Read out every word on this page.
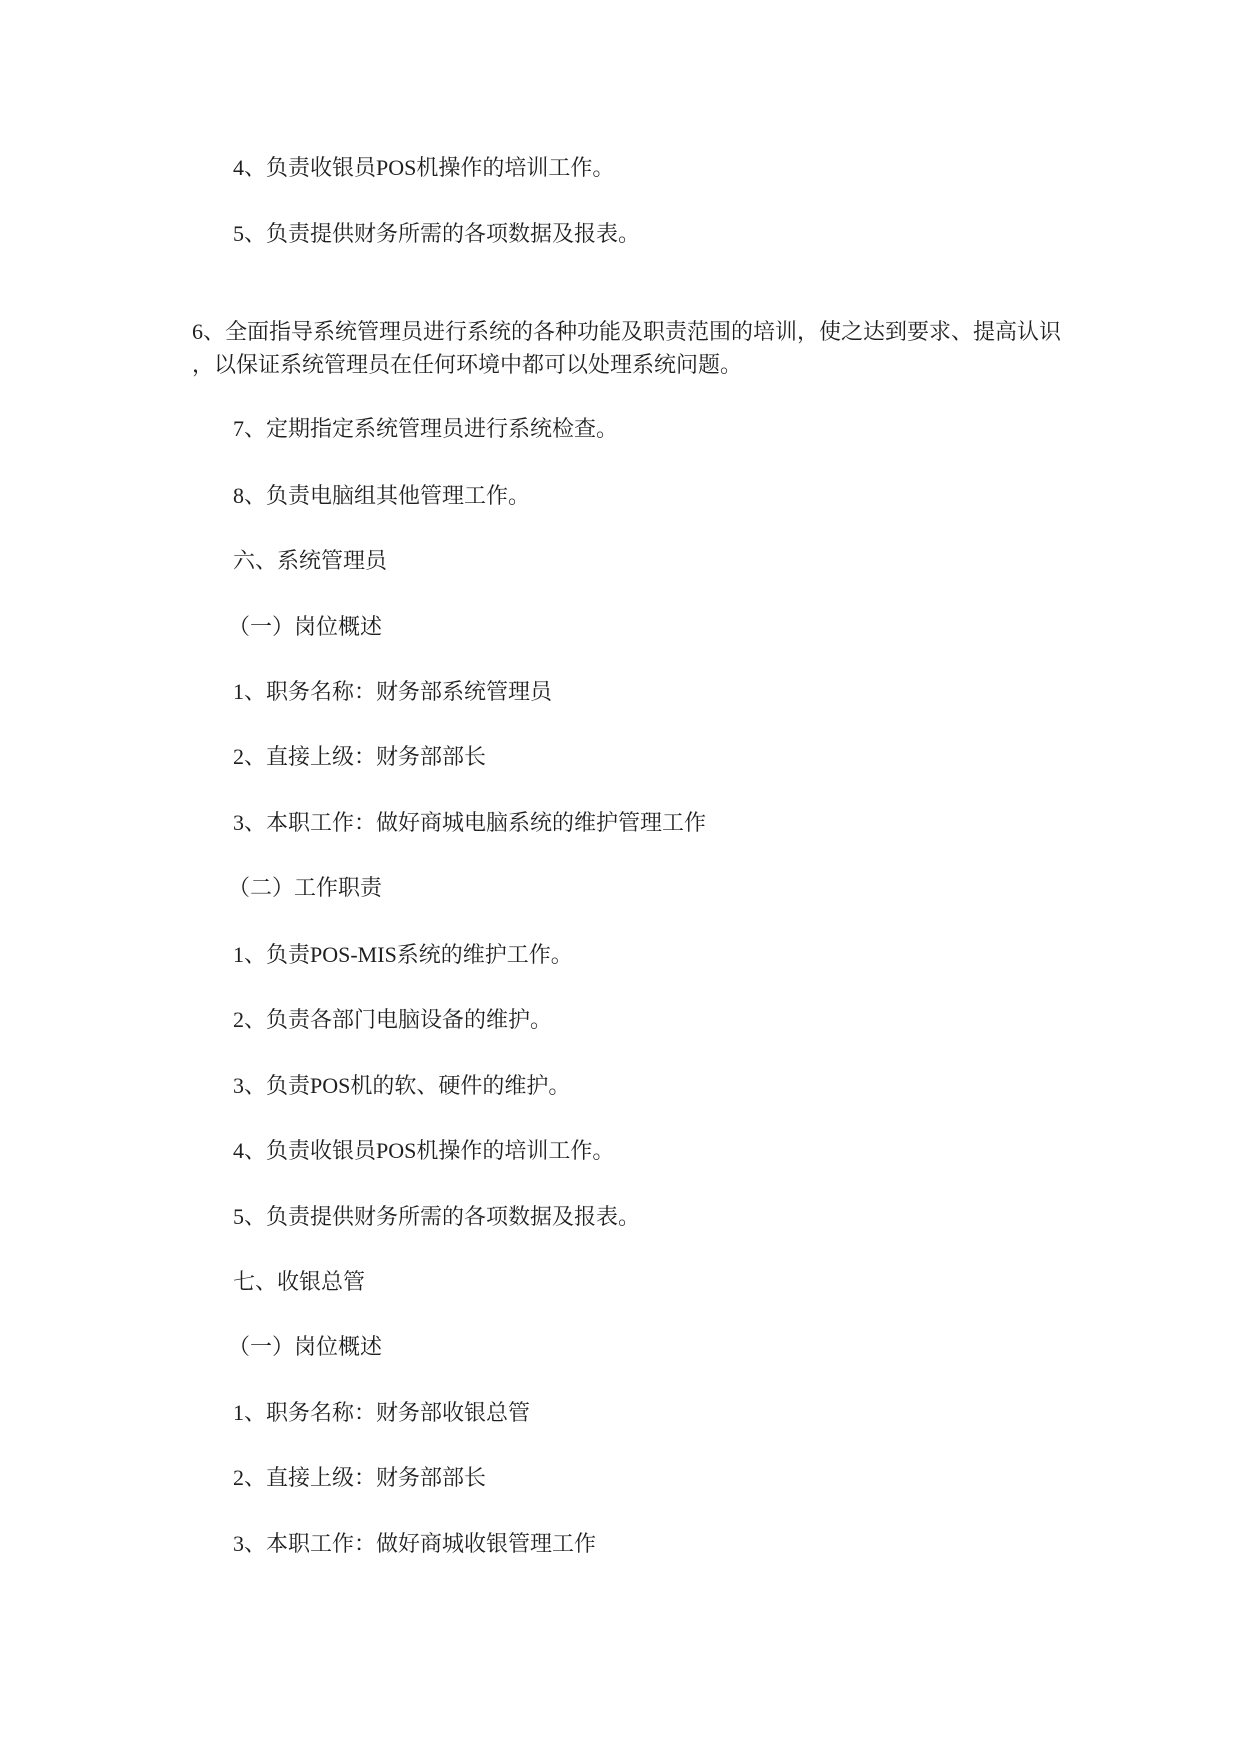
4、负责收银员POS机操作的培训工作。
5、负责提供财务所需的各项数据及报表。
6、全面指导系统管理员进行系统的各种功能及职责范围的培训，使之达到要求、提高认识
，以保证系统管理员在任何环境中都可以处理系统问题。
7、定期指定系统管理员进行系统检查。
8、负责电脑组其他管理工作。
六、系统管理员
（一）岗位概述
1、职务名称：财务部系统管理员
2、直接上级：财务部部长
3、本职工作：做好商城电脑系统的维护管理工作
（二）工作职责
1、负责POS-MIS系统的维护工作。
2、负责各部门电脑设备的维护。
3、负责POS机的软、硬件的维护。
4、负责收银员POS机操作的培训工作。
5、负责提供财务所需的各项数据及报表。
七、收银总管
（一）岗位概述
1、职务名称：财务部收银总管
2、直接上级：财务部部长
3、本职工作：做好商城收银管理工作
